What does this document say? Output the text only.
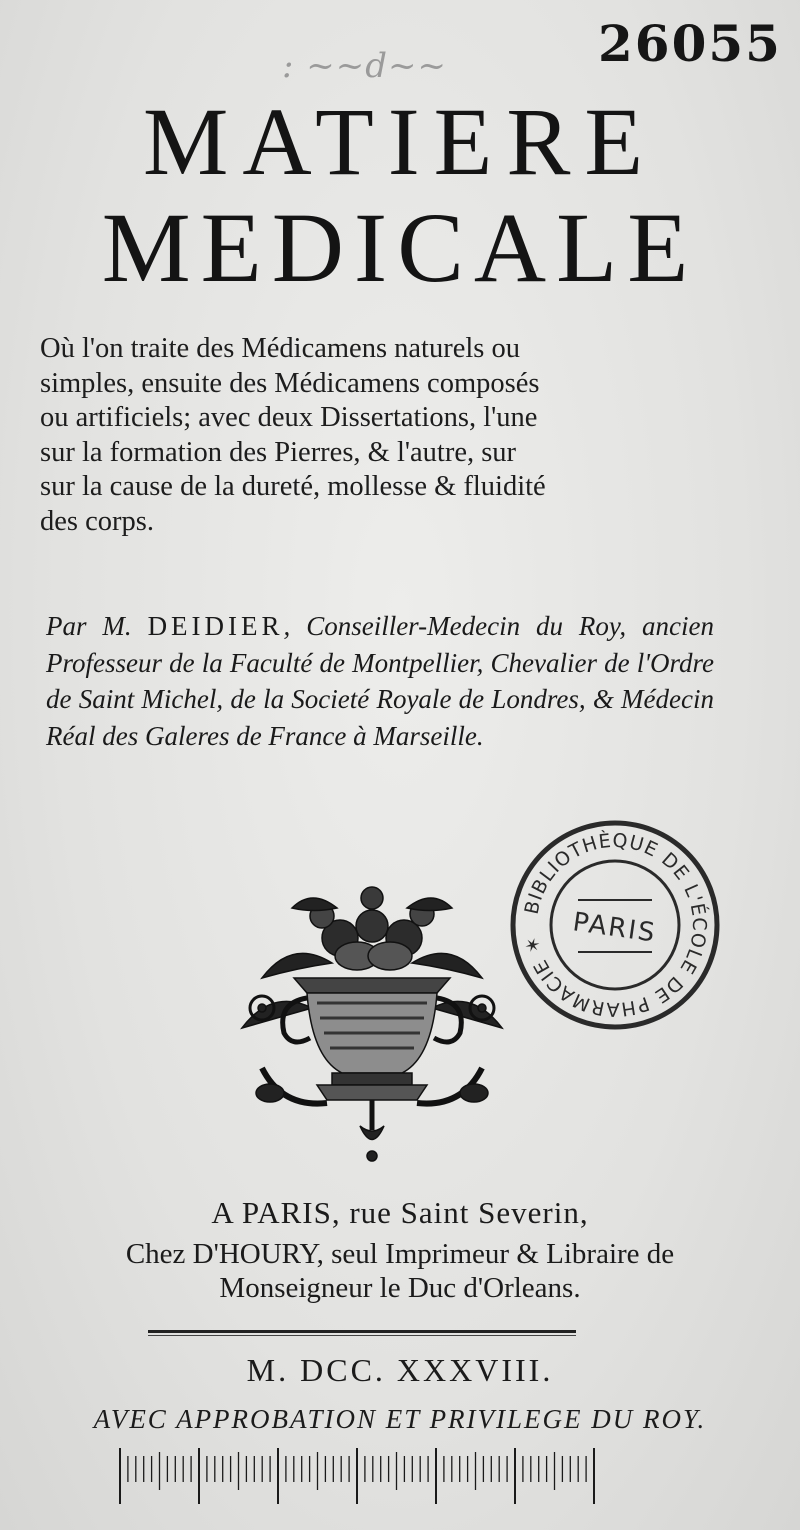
26055
: ~~d~~
MATIERE
MEDICALE
Où l'on traite des Médicamens naturels ou
simples, ensuite des Médicamens composés
ou artificiels; avec deux Dissertations, l'une
sur la formation des Pierres, & l'autre, sur
sur la cause de la dureté, mollesse & fluidité
des corps.
Par M. DEIDIER, Conseiller-Medecin du Roy, ancien Professeur de la Faculté de Montpellier, Chevalier de l'Ordre de Saint Michel, de la Societé Royale de Londres, & Médecin Réal des Galeres de France à Marseille.
BIBLIOTHÈQUE DE L'ÉCOLE DE PHARMACIE ✶ PARIS
A PARIS, rue Saint Severin,
Chez D'HOURY, seul Imprimeur & Libraire de
Monseigneur le Duc d'Orleans.
M. DCC. XXXVIII.
AVEC APPROBATION ET PRIVILEGE DU ROY.
